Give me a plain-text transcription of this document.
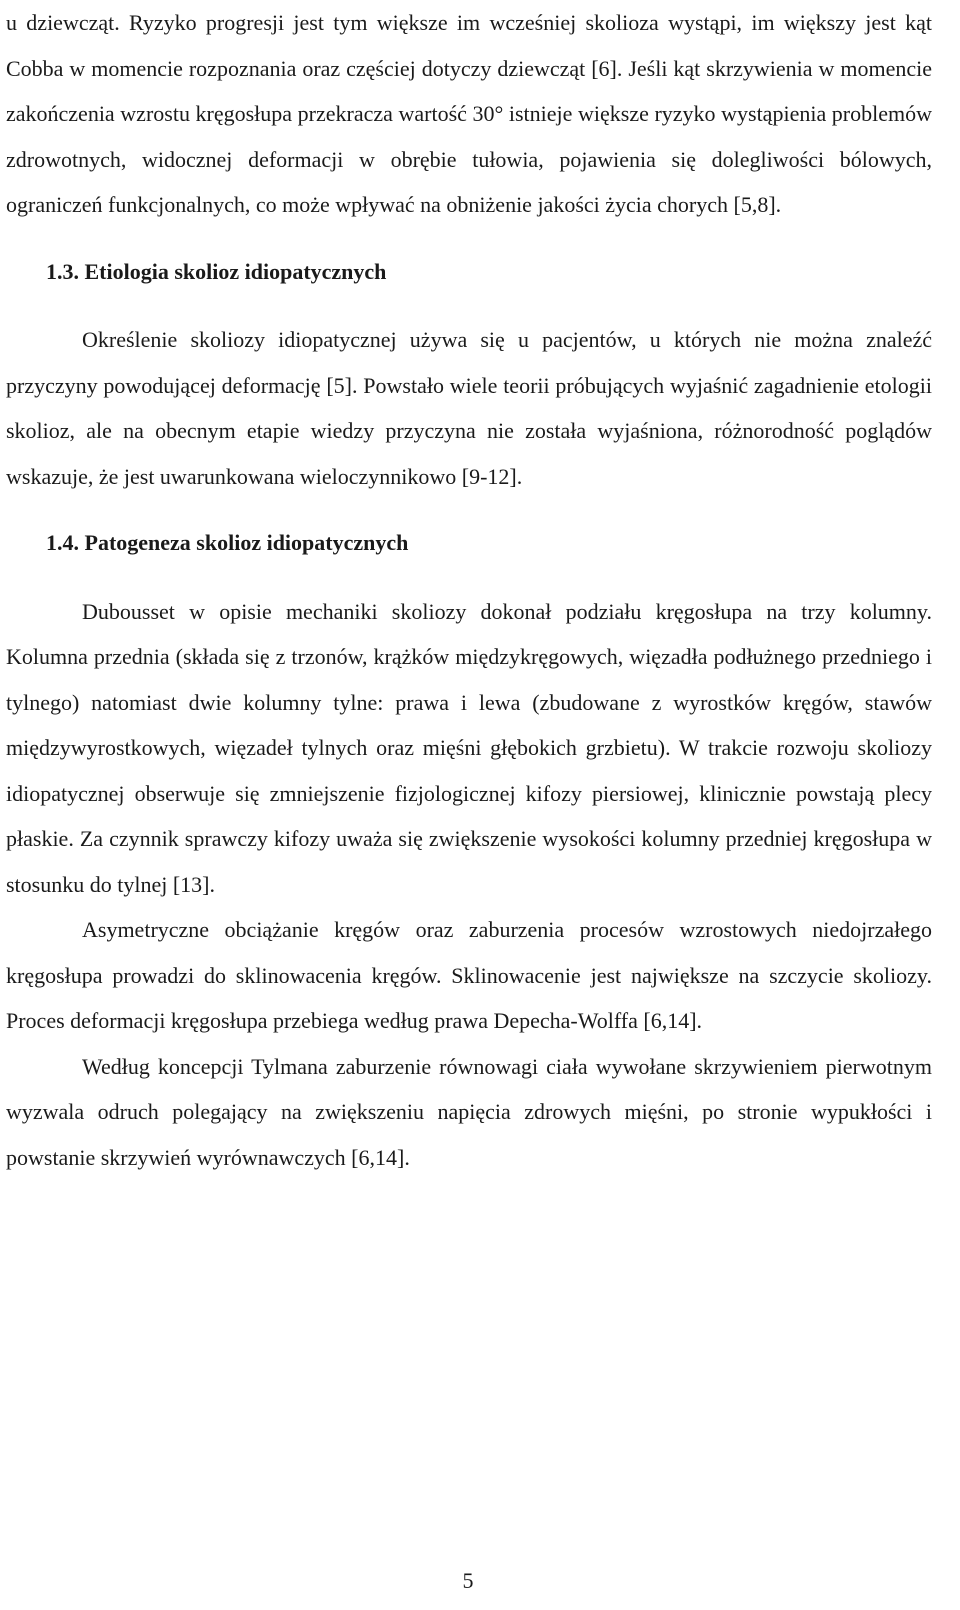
u dziewcząt. Ryzyko progresji jest tym większe im wcześniej skolioza wystąpi, im większy jest kąt Cobba w momencie rozpoznania oraz częściej dotyczy dziewcząt [6]. Jeśli kąt skrzywienia w momencie zakończenia wzrostu kręgosłupa przekracza wartość 30° istnieje większe ryzyko wystąpienia problemów zdrowotnych, widocznej deformacji w obrębie tułowia, pojawienia się dolegliwości bólowych, ograniczeń funkcjonalnych, co może wpływać na obniżenie jakości życia chorych [5,8].

1.3. Etiologia skolioz idiopatycznych

Określenie skoliozy idiopatycznej używa się u pacjentów, u których nie można znaleźć przyczyny powodującej deformację [5]. Powstało wiele teorii próbujących wyjaśnić zagadnienie etologii skolioz, ale na obecnym etapie wiedzy przyczyna nie została wyjaśniona, różnorodność poglądów wskazuje, że jest uwarunkowana wieloczynnikowo [9-12].

1.4. Patogeneza skolioz idiopatycznych

Dubousset w opisie mechaniki skoliozy dokonał podziału kręgosłupa na trzy kolumny. Kolumna przednia (składa się z trzonów, krążków międzykręgowych, więzadła podłużnego przedniego i tylnego) natomiast dwie kolumny tylne: prawa i lewa (zbudowane z wyrostków kręgów, stawów międzywyrostkowych, więzadeł tylnych oraz mięśni głębokich grzbietu). W trakcie rozwoju skoliozy idiopatycznej obserwuje się zmniejszenie fizjologicznej kifozy piersiowej, klinicznie powstają plecy płaskie. Za czynnik sprawczy kifozy uważa się zwiększenie wysokości kolumny przedniej kręgosłupa w stosunku do tylnej [13].

Asymetryczne obciążanie kręgów oraz zaburzenia procesów wzrostowych niedojrzałego kręgosłupa prowadzi do sklinowacenia kręgów. Sklinowacenie jest największe na szczycie skoliozy. Proces deformacji kręgosłupa przebiega według prawa Depecha-Wolffa [6,14].

Według koncepcji Tylmana zaburzenie równowagi ciała wywołane skrzywieniem pierwotnym wyzwala odruch polegający na zwiększeniu napięcia zdrowych mięśni, po stronie wypukłości i powstanie skrzywień wyrównawczych [6,14].

5
